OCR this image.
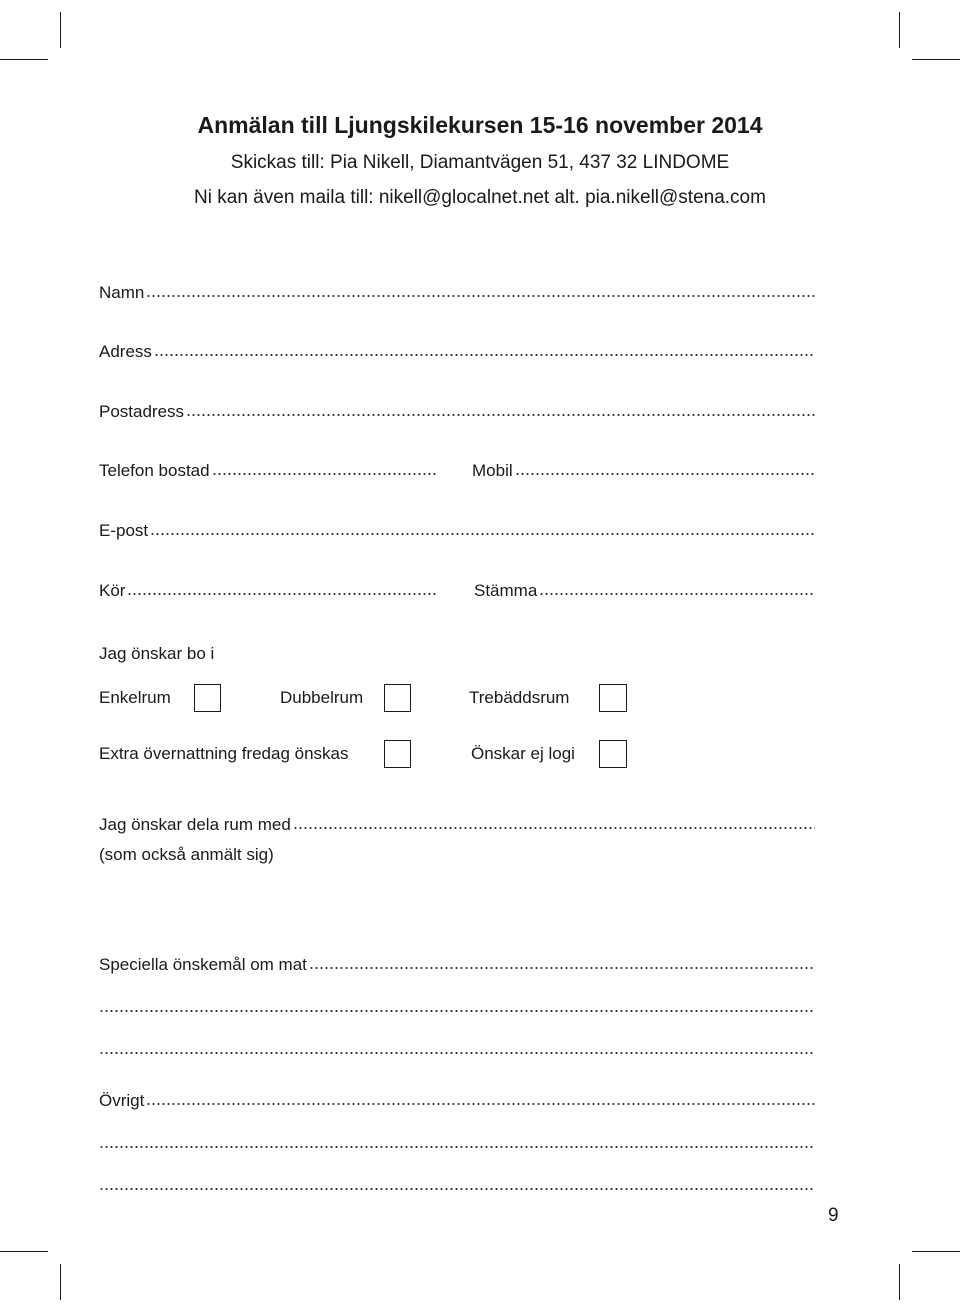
Anmälan till Ljungskilekursen 15-16 november 2014
Skickas till: Pia Nikell, Diamantvägen 51, 437 32 LINDOME
Ni kan även maila till: nikell@glocalnet.net alt. pia.nikell@stena.com
Namn
Adress
Postadress
Telefon bostad	Mobil
E-post
Kör	Stämma
Jag önskar bo i
Enkelrum	Dubbelrum	Trebäddsrum
Extra övernattning fredag önskas	Önskar ej logi
Jag önskar dela rum med
(som också anmält sig)
Speciella önskemål om mat
Övrigt
9
